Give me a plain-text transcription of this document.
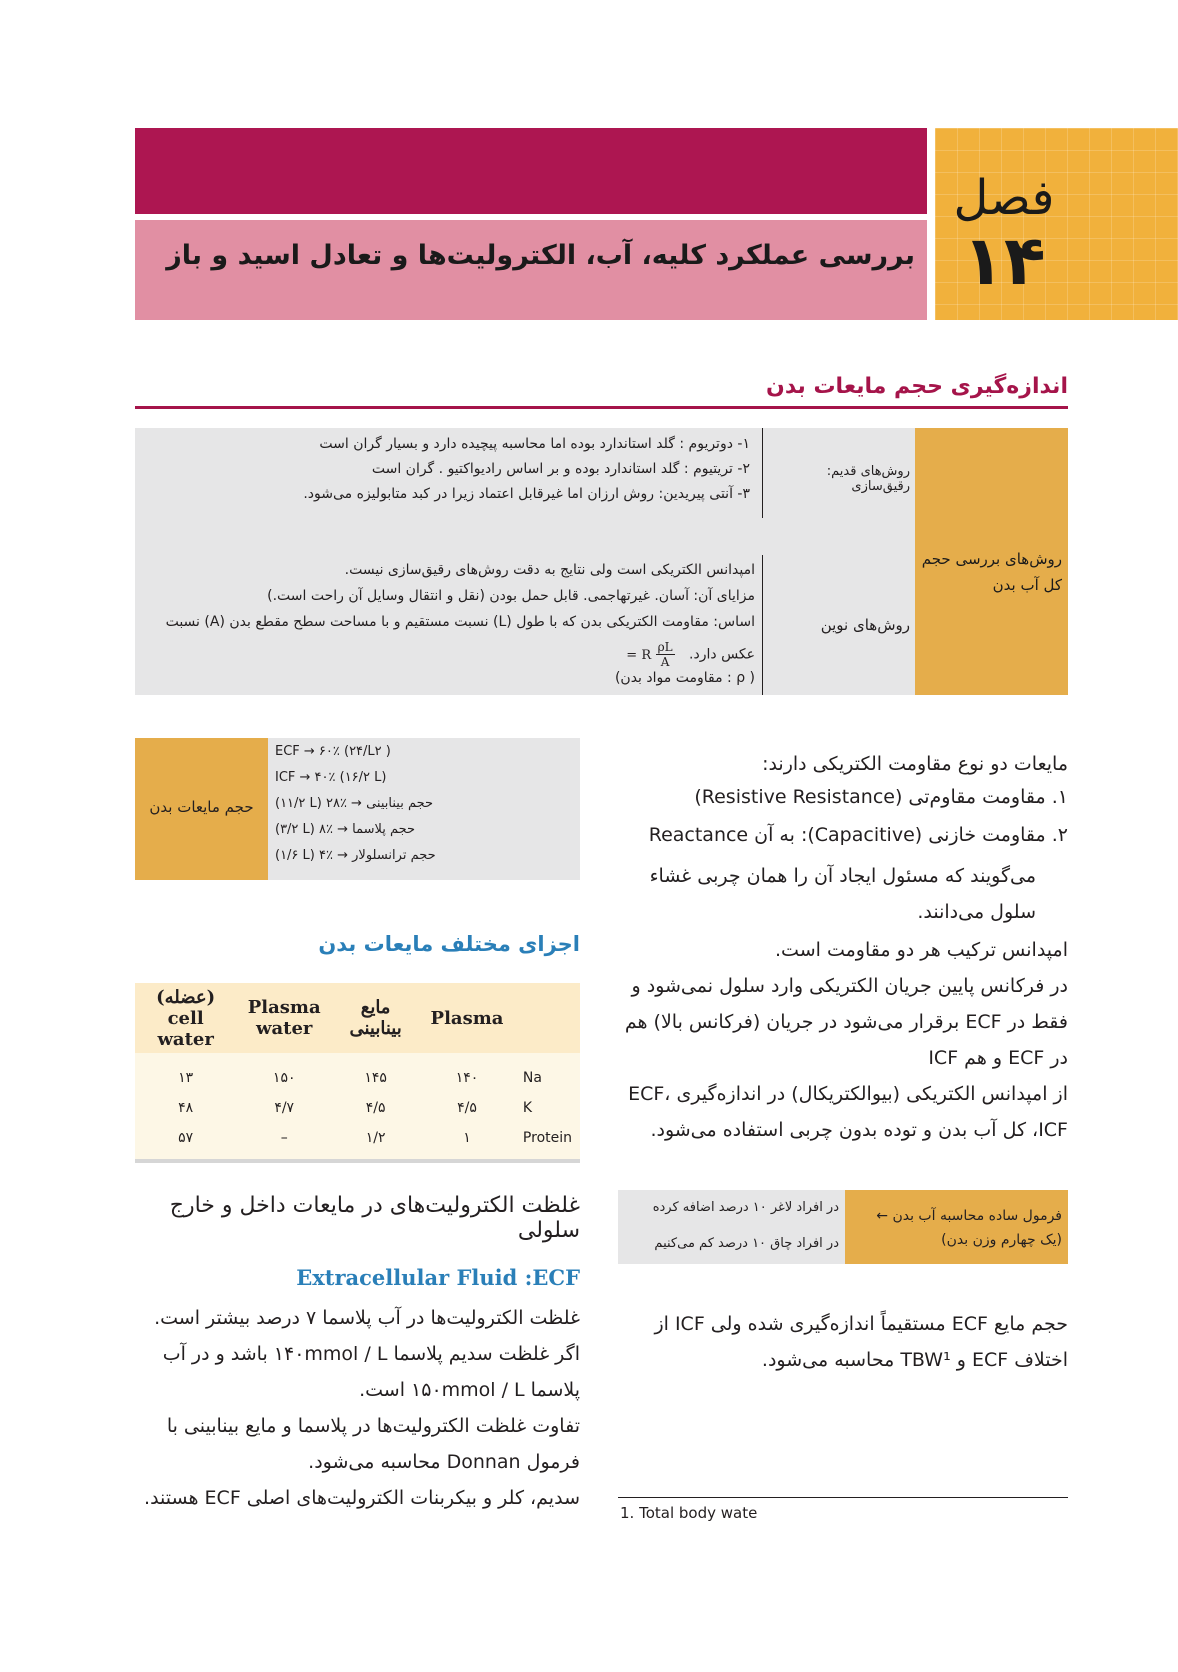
بررسی عملکرد کلیه، آب، الکترولیت‌ها و تعادل اسید و باز
فصل
۱۴
اندازه‌گیری حجم مایعات بدن
روش‌های بررسی حجم کل آب بدن
روش‌های قدیم: رقیق‌سازی
۱- دوتریوم : گلد استاندارد بوده اما محاسبه پیچیده دارد و بسیار گران است
۲- تریتیوم : گلد استاندارد بوده و بر اساس رادیواکتیو . گران است
۳- آنتی پیریدین: روش ارزان اما غیرقابل اعتماد زیرا در کبد متابولیزه می‌شود.
روش‌های نوین
امپدانس الکتریکی است ولی نتایج به دقت روش‌های رقیق‌سازی نیست.
مزایای آن: آسان. غیرتهاجمی. قابل حمل بودن (نقل و انتقال وسایل آن راحت است.)
اساس: مقاومت الکتریکی بدن که با طول (L) نسبت مستقیم و با مساحت سطح مقطع بدن (A) نسبت
عکس دارد.
$\frac{\rho L}{A}$
R =
( ρ : مقاومت مواد بدن)
حجم مایعات بدن
ECF → ۶۰٪ (۲۴/L۲ )
ICF → ۴۰٪ (۱۶/۲ L)
(۱۱/۲ L) ۲۸٪ → حجم بینابینی
(۳/۲ L) ۸٪ → حجم پلاسما
(۱/۶ L) ۴٪ → حجم ترانسلولار
اجزای مختلف مایعات بدن
(عضله) cell water	Plasma water	مایع بینابینی	Plasma	
۱۳	۱۵۰	۱۴۵	۱۴۰	Na
۴۸	۴/۷	۴/۵	۴/۵	K
۵۷	–	۱/۲	۱	Protein
غلظت الکترولیت‌های در مایعات داخل و خارج سلولی
Extracellular Fluid :ECF
غلظت الکترولیت‌ها در آب پلاسما ۷ درصد بیشتر است.
اگر غلظت سدیم پلاسما ۱۴۰mmol / L باشد و در آب پلاسما ۱۵۰mmol / L است.
تفاوت غلظت الکترولیت‌ها در پلاسما و مایع بینابینی با فرمول Donnan محاسبه می‌شود.
سدیم، کلر و بیکربنات الکترولیت‌های اصلی ECF هستند.
مایعات دو نوع مقاومت الکتریکی دارند:
۱. مقاومت مقاوم‌تی (Resistive Resistance)
۲. مقاومت خازنی (Capacitive): به آن Reactance
می‌گویند که مسئول ایجاد آن را همان چربی غشاء سلول می‌دانند.
امپدانس ترکیب هر دو مقاومت است.
در فرکانس پایین جریان الکتریکی وارد سلول نمی‌شود و فقط در ECF برقرار می‌شود در جریان (فرکانس بالا) هم در ECF و هم ICF
از امپدانس الکتریکی (بیوالکتریکال) در اندازه‌گیری ECF، ICF، کل آب بدن و توده بدون چربی استفاده می‌شود.
فرمول ساده محاسبه آب بدن ← (یک چهارم وزن بدن)
در افراد لاغر ۱۰ درصد اضافه کرده
در افراد چاق ۱۰ درصد کم می‌کنیم
حجم مایع ECF مستقیماً اندازه‌گیری شده ولی ICF از اختلاف ECF و TBW¹ محاسبه می‌شود.
1. Total body wate
